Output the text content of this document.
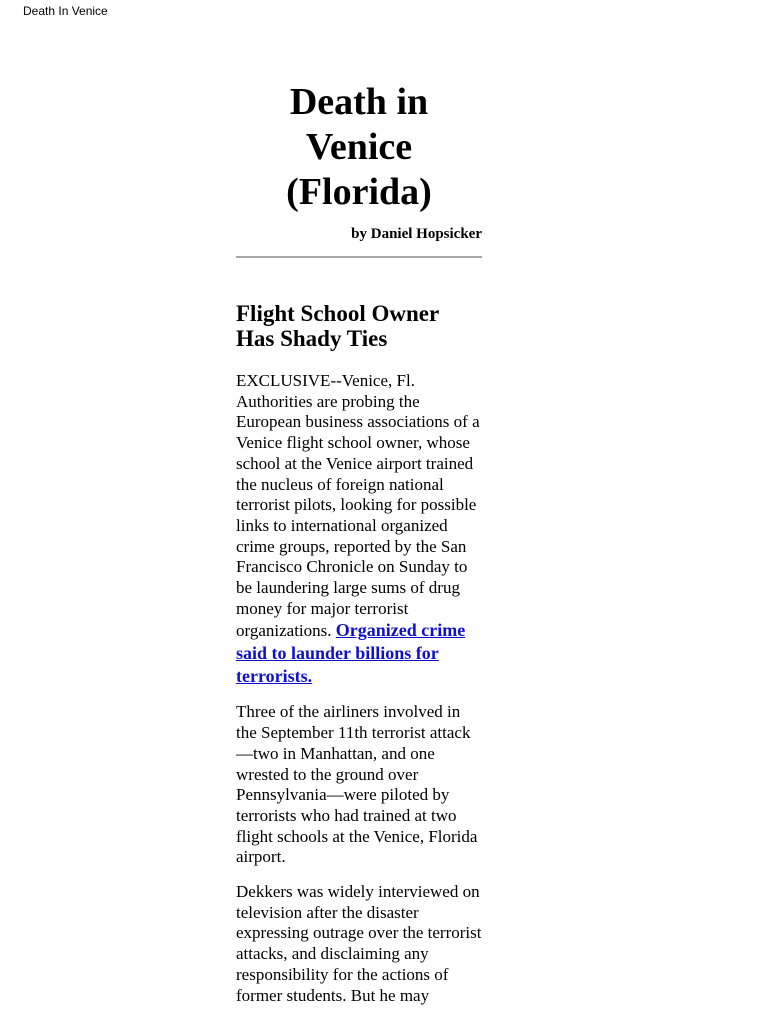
Death In Venice
Death in
Venice
(Florida)
by Daniel Hopsicker
Flight School Owner
Has Shady Ties

EXCLUSIVE--Venice, Fl. Authorities are probing the European business associations of a Venice flight school owner, whose school at the Venice airport trained the nucleus of foreign national terrorist pilots, looking for possible links to international organized crime groups, reported by the San Francisco Chronicle on Sunday to be laundering large sums of drug money for major terrorist organizations. Organized crime said to launder billions for terrorists.

Three of the airliners involved in the September 11th terrorist attack—two in Manhattan, and one wrested to the ground over Pennsylvania—were piloted by terrorists who had trained at two flight schools at the Venice, Florida airport.

Dekkers was widely interviewed on television after the disaster expressing outrage over the terrorist attacks, and disclaiming any responsibility for the actions of former students. But he may
